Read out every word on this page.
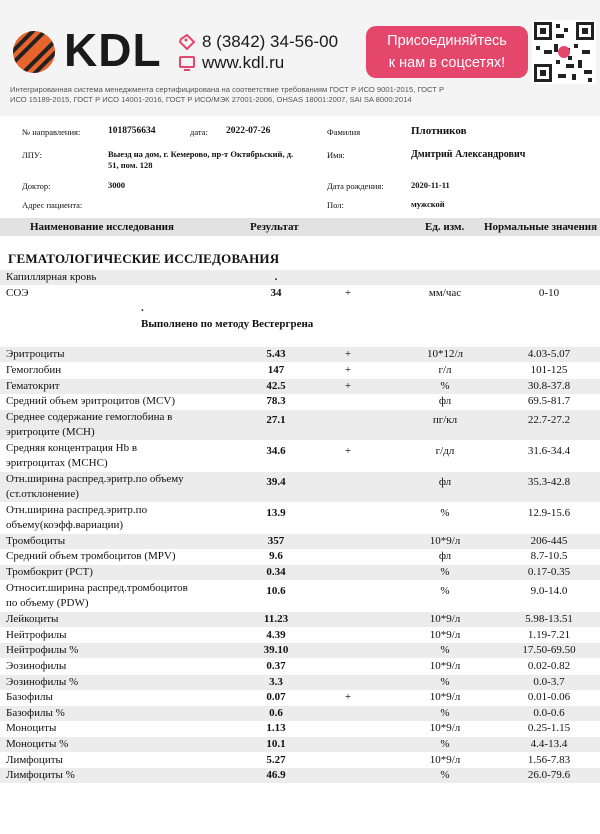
KDL 8 (3842) 34-56-00
www.kdl.ru
Присоединяйтесь
к нам в соцсетях!
Интегрированная система менеджмента сертифицирована на соответствие требованиям ГОСТ Р ИСО 9001-2015, ГОСТ Р
ИСО 15189-2015, ГОСТ Р ИСО 14001-2016, ГОСТ Р ИСО/МЭК 27001-2006, OHSAS 18001:2007, SAI SA 8000:2014
№ направления:	1018756634	дата: 2022-07-26	Фамилия	Плотников
ЛПУ:	Выезд на дом, г. Кемерово, пр-т Октябрьский, д.
51, пом. 128
Имя:	Дмитрий Александрович
Доктор:	3000	Дата рождения:	2020-11-11
Адрес пациента:	Пол:	мужской
Наименование исследования	Результат	Ед. изм. Нормальные значения
ГЕМАТОЛОГИЧЕСКИЕ ИССЛЕДОВАНИЯ
Капиллярная кровь	.
СОЭ	34	+	мм/час	0-10
Эритроциты	5.43	+	10*12/л	4.03-5.07
Гемоглобин	147	+	г/л	101-125
Гематокрит	42.5	+	%	30.8-37.8
Средний объем эритроцитов (MCV)	78.3	фл	69.5-81.7
Среднее содержание гемоглобина в
эритроците (MCH)
27.1	пг/кл	22.7-27.2
Средняя концентрация Hb в
эритроцитах (MCHC)
34.6	+	г/дл	31.6-34.4
Отн.ширина распред.эритр.по объему
(ст.отклонение)
39.4	фл	35.3-42.8
Отн.ширина распред.эритр.по
объему(коэфф.вариации)
13.9	%	12.9-15.6
Тромбоциты	357	10*9/л	206-445
Средний объем тромбоцитов (MPV)	9.6	фл	8.7-10.5
Тромбокрит (PCT)	0.34	%	0.17-0.35
Относит.ширина распред.тромбоцитов
по объему (PDW)
10.6	%	9.0-14.0
Лейкоциты	11.23	10*9/л	5.98-13.51
Нейтрофилы	4.39	10*9/л	1.19-7.21
Нейтрофилы %	39.10	%	17.50-69.50
Эозинофилы	0.37	10*9/л	0.02-0.82
Эозинофилы %	3.3	%	0.0-3.7
Базофилы	0.07	+	10*9/л	0.01-0.06
Базофилы %	0.6	%	0.0-0.6
Моноциты	1.13	10*9/л	0.25-1.15
Моноциты %	10.1	%	4.4-13.4
Лимфоциты	5.27	10*9/л	1.56-7.83
Лимфоциты %	46.9	%	26.0-79.6
.
Выполнено по методу Вестергрена
